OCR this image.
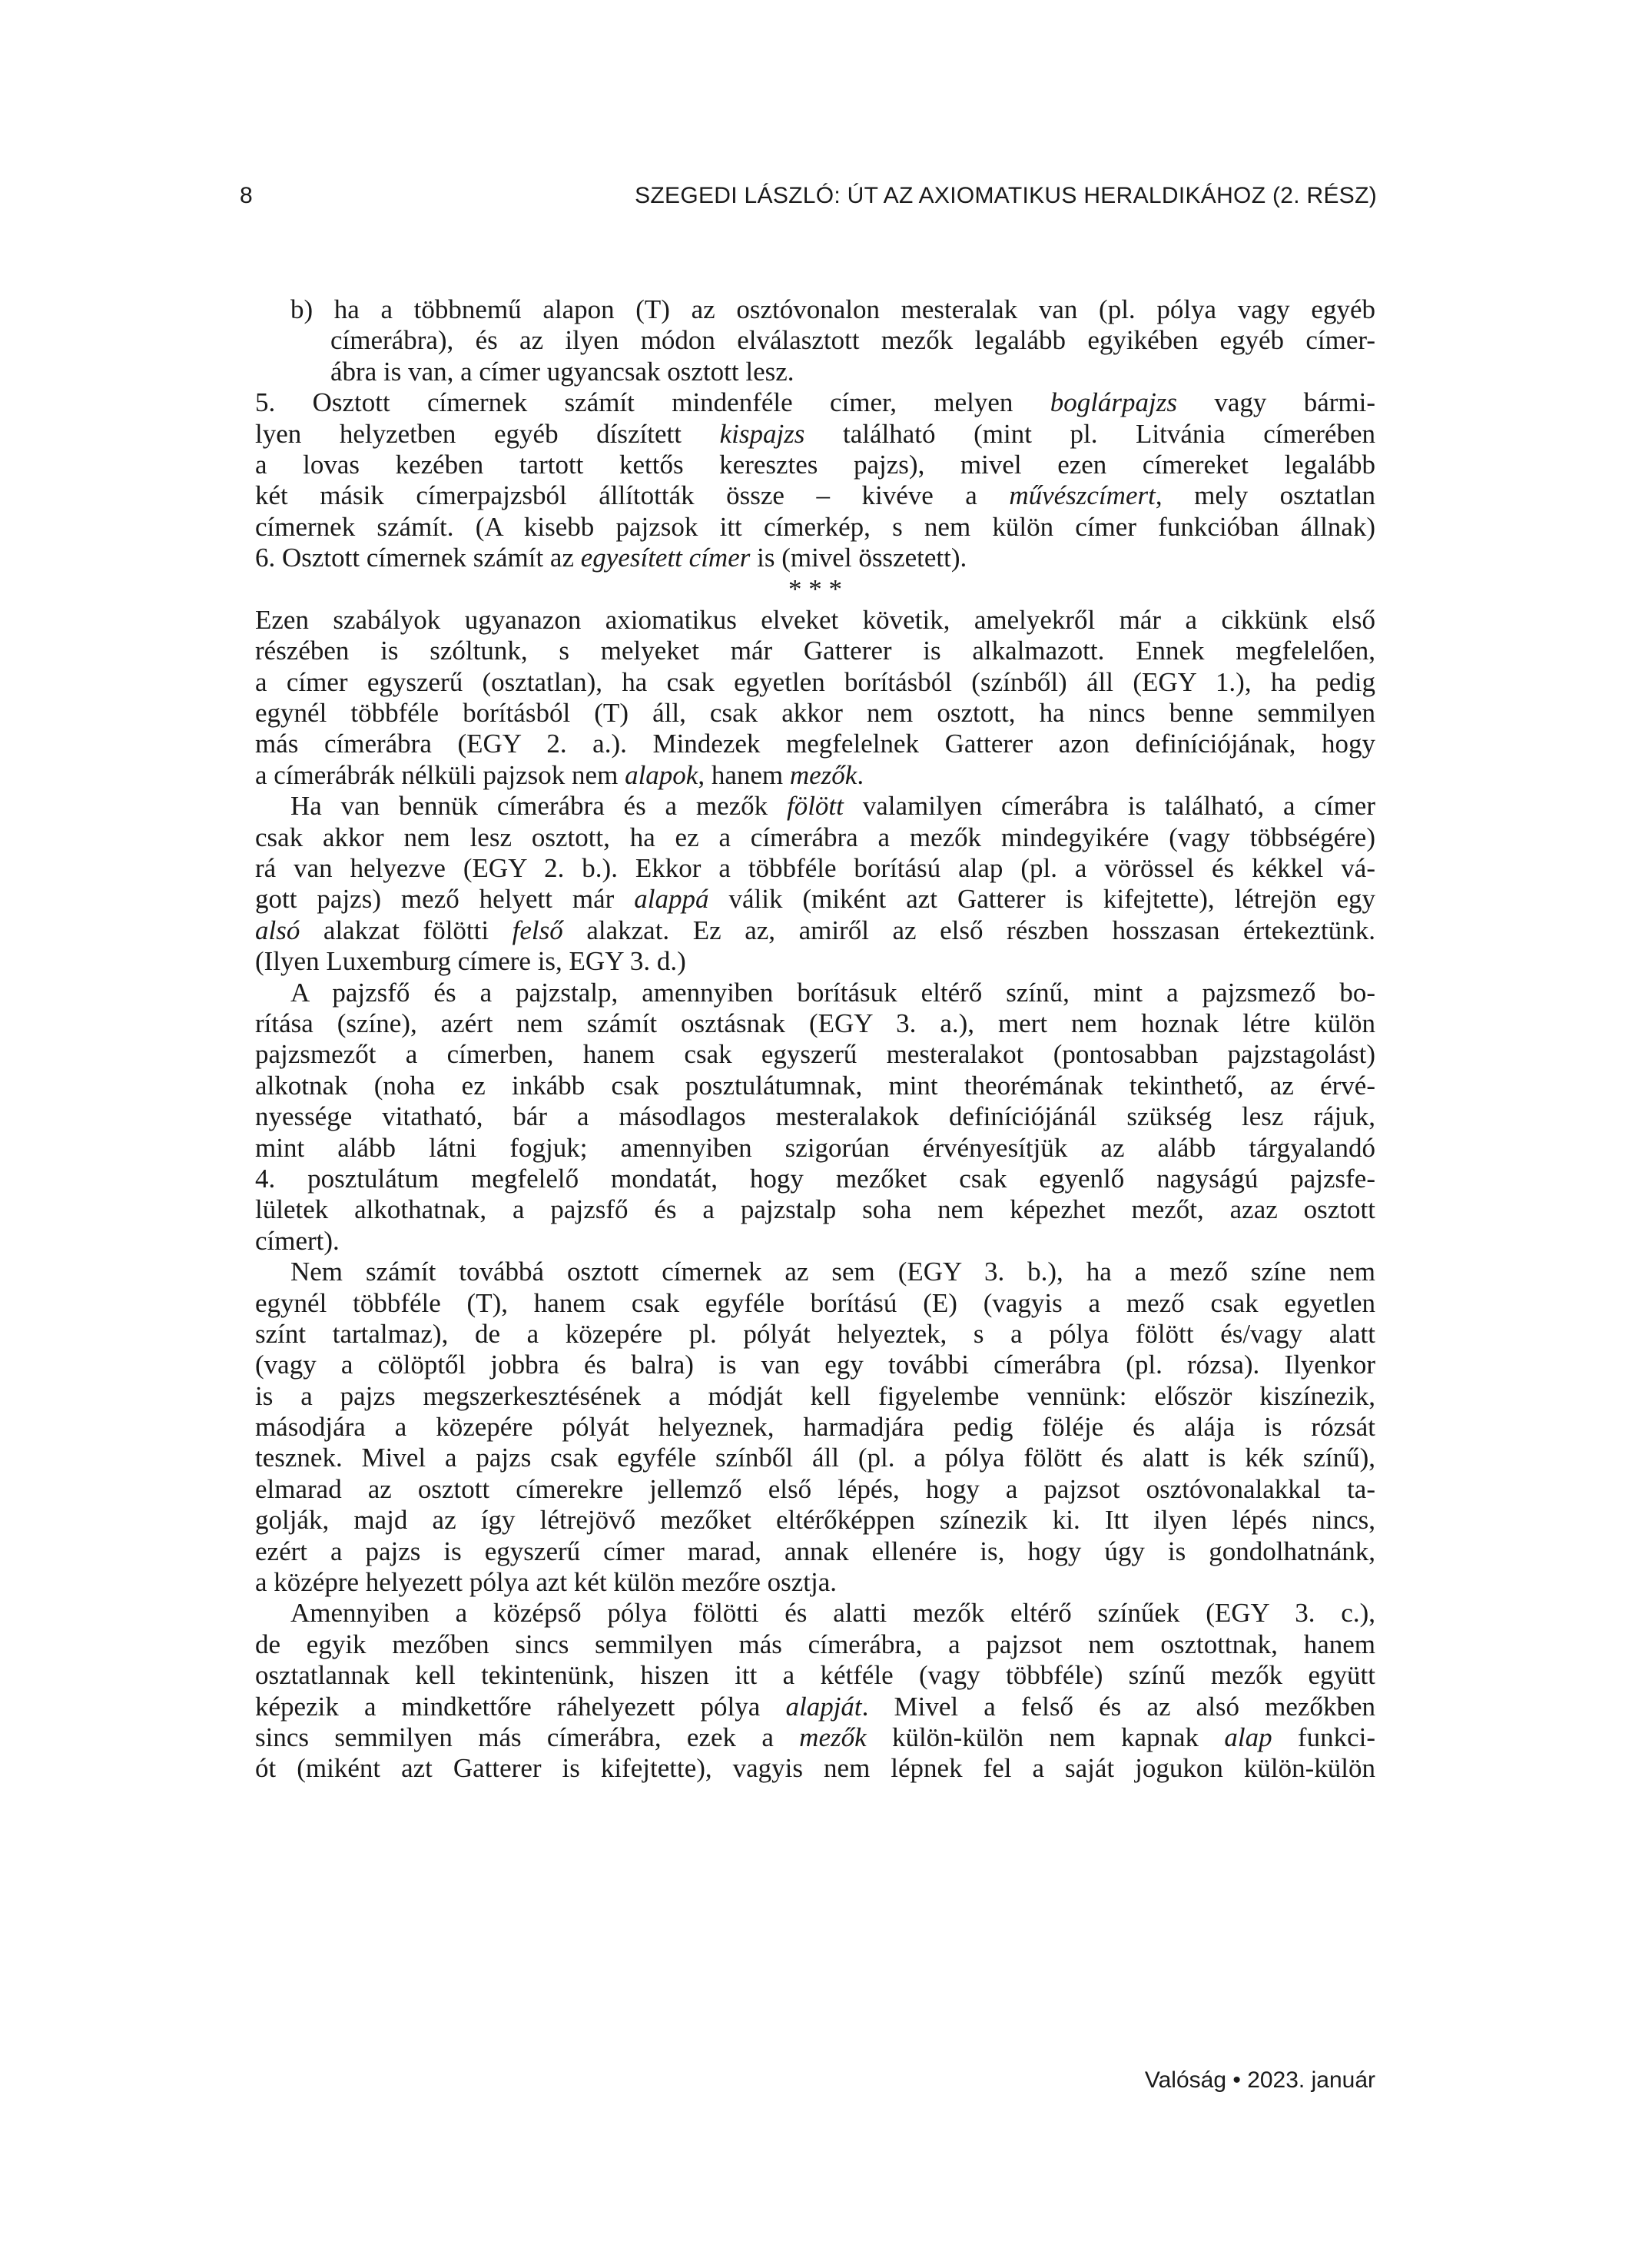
8	SZEGEDI LÁSZLÓ: ÚT AZ AXIOMATIKUS HERALDIKÁHOZ (2. RÉSZ)
b) ha a többnemű alapon (T) az osztóvonalon mesteralak van (pl. pólya vagy egyéb
címerábra), és az ilyen módon elválasztott mezők legalább egyikében egyéb címer-
ábra is van, a címer ugyancsak osztott lesz.
5. Osztott címernek számít mindenféle címer, melyen boglárpajzs vagy bármi-
lyen helyzetben egyéb díszített kispajzs található (mint pl. Litvánia címerében
a lovas kezében tartott kettős keresztes pajzs), mivel ezen címereket legalább
két másik címerpajzsból állították össze – kivéve a művészcímert, mely osztatlan
címernek számít. (A kisebb pajzsok itt címerkép, s nem külön címer funkcióban állnak)
6. Osztott címernek számít az egyesített címer is (mivel összetett).
* * *
Ezen szabályok ugyanazon axiomatikus elveket követik, amelyekről már a cikkünk első
részében is szóltunk, s melyeket már Gatterer is alkalmazott. Ennek megfelelően,
a címer egyszerű (osztatlan), ha csak egyetlen borításból (színből) áll (EGY 1.), ha pedig
egynél többféle borításból (T) áll, csak akkor nem osztott, ha nincs benne semmilyen
más címerábra (EGY 2. a.). Mindezek megfelelnek Gatterer azon definíciójának, hogy
a címerábrák nélküli pajzsok nem alapok, hanem mezők.
Ha van bennük címerábra és a mezők fölött valamilyen címerábra is található, a címer
csak akkor nem lesz osztott, ha ez a címerábra a mezők mindegyikére (vagy többségére)
rá van helyezve (EGY 2. b.). Ekkor a többféle borítású alap (pl. a vörössel és kékkel vá-
gott pajzs) mező helyett már alappá válik (miként azt Gatterer is kifejtette), létrejön egy
alsó alakzat fölötti felső alakzat. Ez az, amiről az első részben hosszasan értekeztünk.
(Ilyen Luxemburg címere is, EGY 3. d.)
A pajzsfő és a pajzstalp, amennyiben borításuk eltérő színű, mint a pajzsmező bo-
rítása (színe), azért nem számít osztásnak (EGY 3. a.), mert nem hoznak létre külön
pajzsmezőt a címerben, hanem csak egyszerű mesteralakot (pontosabban pajzstagolást)
alkotnak (noha ez inkább csak posztulátumnak, mint theorémának tekinthető, az érvé-
nyessége vitatható, bár a másodlagos mesteralakok definíciójánál szükség lesz rájuk,
mint alább látni fogjuk; amennyiben szigorúan érvényesítjük az alább tárgyalandó
4. posztulátum megfelelő mondatát, hogy mezőket csak egyenlő nagyságú pajzsfe-
lületek alkothatnak, a pajzsfő és a pajzstalp soha nem képezhet mezőt, azaz osztott
címert).
Nem számít továbbá osztott címernek az sem (EGY 3. b.), ha a mező színe nem
egynél többféle (T), hanem csak egyféle borítású (E) (vagyis a mező csak egyetlen
színt tartalmaz), de a közepére pl. pólyát helyeztek, s a pólya fölött és/vagy alatt
(vagy a cölöptől jobbra és balra) is van egy további címerábra (pl. rózsa). Ilyenkor
is a pajzs megszerkesztésének a módját kell figyelembe vennünk: először kiszínezik,
másodjára a közepére pólyát helyeznek, harmadjára pedig föléje és alája is rózsát
tesznek. Mivel a pajzs csak egyféle színből áll (pl. a pólya fölött és alatt is kék színű),
elmarad az osztott címerekre jellemző első lépés, hogy a pajzsot osztóvonalakkal ta-
golják, majd az így létrejövő mezőket eltérőképpen színezik ki. Itt ilyen lépés nincs,
ezért a pajzs is egyszerű címer marad, annak ellenére is, hogy úgy is gondolhatnánk,
a középre helyezett pólya azt két külön mezőre osztja.
Amennyiben a középső pólya fölötti és alatti mezők eltérő színűek (EGY 3. c.),
de egyik mezőben sincs semmilyen más címerábra, a pajzsot nem osztottnak, hanem
osztatlannak kell tekintenünk, hiszen itt a kétféle (vagy többféle) színű mezők együtt
képezik a mindkettőre ráhelyezett pólya alapját. Mivel a felső és az alsó mezőkben
sincs semmilyen más címerábra, ezek a mezők külön-külön nem kapnak alap funkci-
ót (miként azt Gatterer is kifejtette), vagyis nem lépnek fel a saját jogukon külön-külön
Valóság • 2023. január
